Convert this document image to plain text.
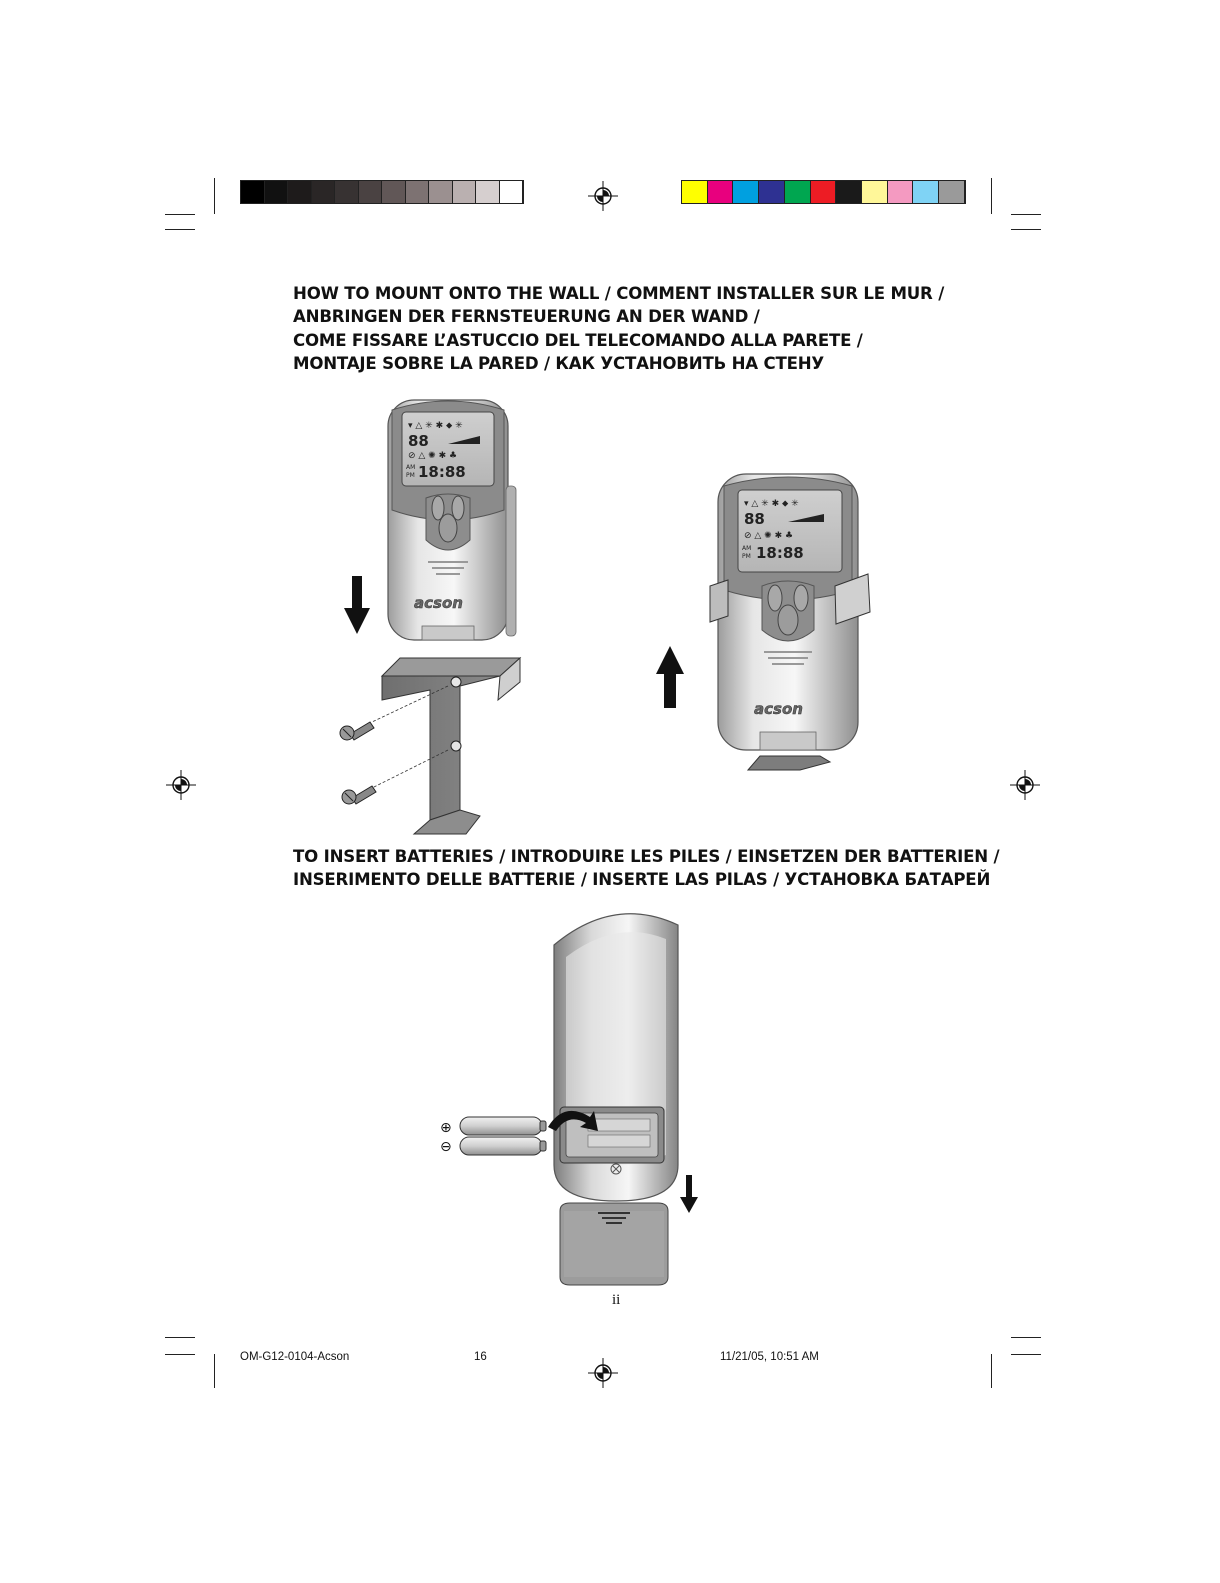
HOW TO MOUNT ONTO THE WALL / COMMENT INSTALLER SUR LE MUR /
ANBRINGEN DER FERNSTEUERUNG AN DER WAND /
COME FISSARE L’ASTUCCIO DEL TELECOMANDO ALLA PARETE /
MONTAJE SOBRE LA PARED / КАК УСТАНОВИТЬ НА СТЕНУ
▾ △ ✳ ✱ ⬥ ✳
88
⊘ △ ✺ ✱ ♣
AM
PM 18:88
acson
▾ △ ✳ ✱ ⬥ ✳
88
⊘ △ ✺ ✱ ♣
AM
PM 18:88
acson
TO INSERT BATTERIES / INTRODUIRE LES PILES / EINSETZEN DER BATTERIEN /
INSERIMENTO DELLE BATTERIE / INSERTE LAS PILAS / УСТАНОВКА БАТАРЕЙ
⊕
⊖
ii
OM-G12-0104-Acson	16	11/21/05, 10:51 AM
